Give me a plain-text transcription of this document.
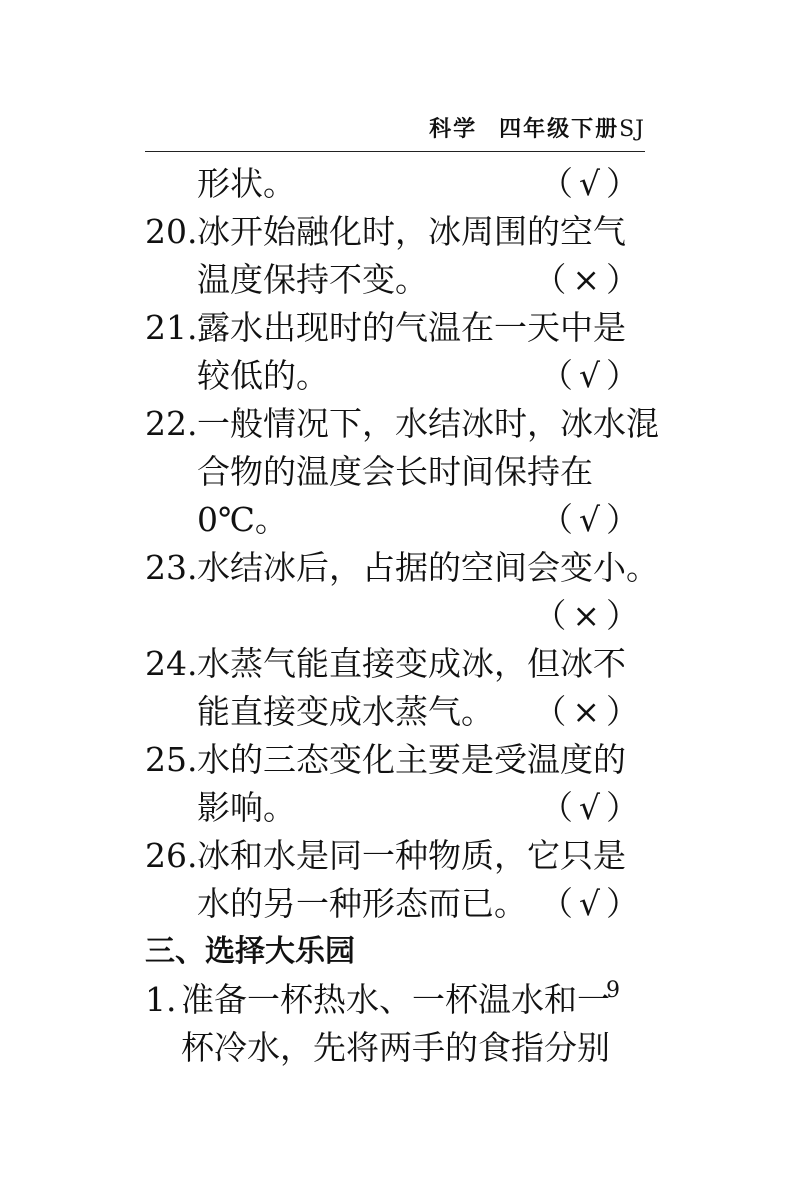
科学 四年级下册SJ
形状。	（√）
20.冰开始融化时，冰周围的空气
温度保持不变。	（×）
21.露水出现时的气温在一天中是
较低的。	（√）
22.一般情况下，水结冰时，冰水混
合物的温度会长时间保持在
0℃。	（√）
23.水结冰后，占据的空间会变小。
（×）
24.水蒸气能直接变成冰，但冰不
能直接变成水蒸气。 （×）
25.水的三态变化主要是受温度的
影响。	（√）
26.冰和水是同一种物质，它只是
水的另一种形态而已。 （√）
三、选择大乐园
1. 准备一杯热水、一杯温水和一
杯冷水，先将两手的食指分别
9
